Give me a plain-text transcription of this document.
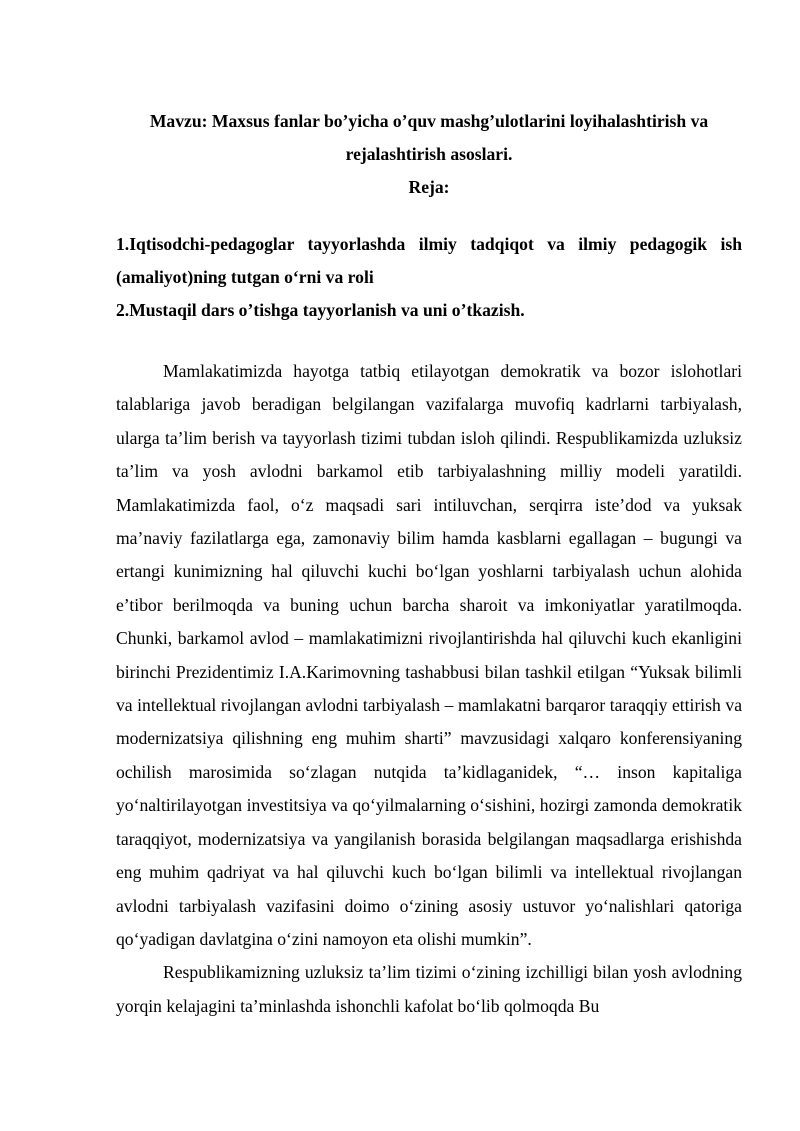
Mavzu: Maxsus fanlar bo’yicha o’quv mashg’ulotlarini loyihalashtirish va rejalashtirish asoslari.

Reja:

1.Iqtisodchi-pedagoglar tayyorlashda ilmiy tadqiqot va ilmiy pedagogik ish (amaliyot)ning tutgan o‘rni va roli
2.Mustaqil dars o’tishga tayyorlanish va uni o’tkazish.

Mamlakatimizda hayotga tatbiq etilayotgan demokratik va bozor islohotlari talablariga javob beradigan belgilangan vazifalarga muvofiq kadrlarni tarbiyalash, ularga ta’lim berish va tayyorlash tizimi tubdan isloh qilindi. Respublikamizda uzluksiz ta’lim va yosh avlodni barkamol etib tarbiyalashning milliy modeli yaratildi. Mamlakatimizda faol, o‘z maqsadi sari intiluvchan, serqirra iste’dod va yuksak ma’naviy fazilatlarga ega, zamonaviy bilim hamda kasblarni egallagan – bugungi va ertangi kunimizning hal qiluvchi kuchi bo‘lgan yoshlarni tarbiyalash uchun alohida e’tibor berilmoqda va buning uchun barcha sharoit va imkoniyatlar yaratilmoqda. Chunki, barkamol avlod – mamlakatimizni rivojlantirishda hal qiluvchi kuch ekanligini birinchi Prezidentimiz I.A.Karimovning tashabbusi bilan tashkil etilgan “Yuksak bilimli va intellektual rivojlangan avlodni tarbiyalash – mamlakatni barqaror taraqqiy ettirish va modernizatsiya qilishning eng muhim sharti” mavzusidagi xalqaro konferensiyaning ochilish marosimida so‘zlagan nutqida ta’kidlaganidek, “… inson kapitaliga yo‘naltirilayotgan investitsiya va qo‘yilmalarning o‘sishini, hozirgi zamonda demokratik taraqqiyot, modernizatsiya va yangilanish borasida belgilangan maqsadlarga erishishda eng muhim qadriyat va hal qiluvchi kuch bo‘lgan bilimli va intellektual rivojlangan avlodni tarbiyalash vazifasini doimo o‘zining asosiy ustuvor yo‘nalishlari qatoriga qo‘yadigan davlatgina o‘zini namoyon eta olishi mumkin”.

Respublikamizning uzluksiz ta’lim tizimi o‘zining izchilligi bilan yosh avlodning yorqin kelajagini ta’minlashda ishonchli kafolat bo‘lib qolmoqda Bu
